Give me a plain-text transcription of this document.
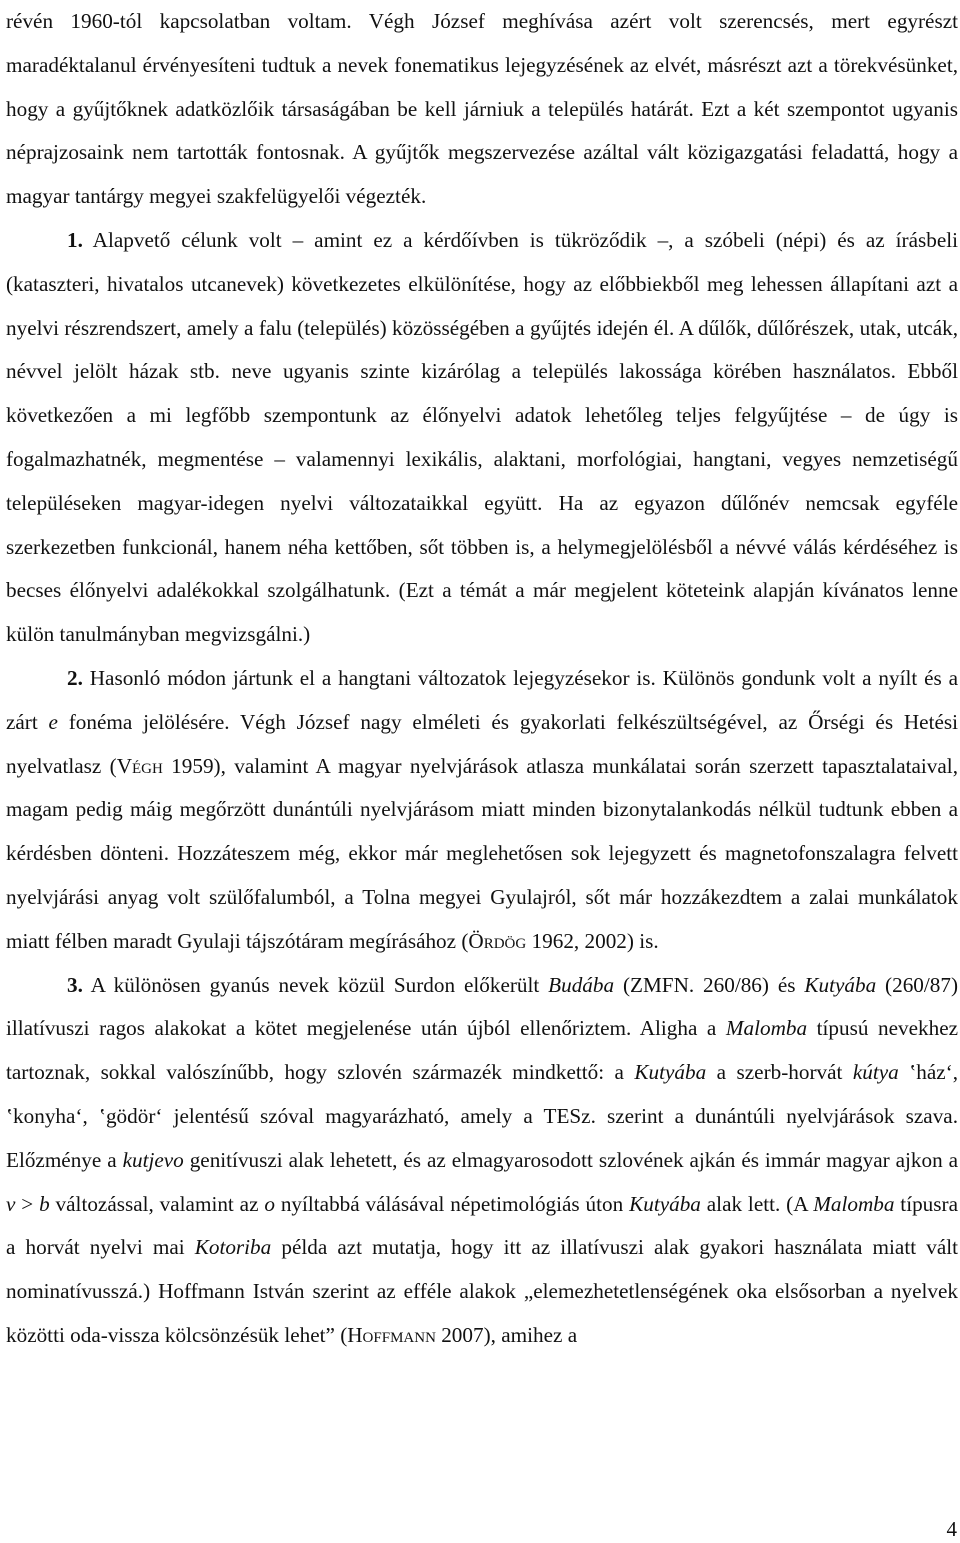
révén 1960-tól kapcsolatban voltam. Végh József meghívása azért volt szerencsés, mert egyrészt maradéktalanul érvényesíteni tudtuk a nevek fonematikus lejegyzésének az elvét, másrészt azt a törekvésünket, hogy a gyűjtőknek adatközlőik társaságában be kell járniuk a település határát. Ezt a két szempontot ugyanis néprajzosaink nem tartották fontosnak. A gyűjtők megszervezése azáltal vált közigazgatási feladattá, hogy a magyar tantárgy megyei szakfelügyelői végezték.

1. Alapvető célunk volt – amint ez a kérdőívben is tükröződik –, a szóbeli (népi) és az írásbeli (kataszteri, hivatalos utcanevek) következetes elkülönítése, hogy az előbbiekből meg lehessen állapítani azt a nyelvi részrendszert, amely a falu (település) közösségében a gyűjtés idején él. A dűlők, dűlőrészek, utak, utcák, névvel jelölt házak stb. neve ugyanis szinte kizárólag a település lakossága körében használatos. Ebből következően a mi legfőbb szempontunk az élőnyelvi adatok lehetőleg teljes felgyűjtése – de úgy is fogalmazhatnék, megmentése – valamennyi lexikális, alaktani, morfológiai, hangtani, vegyes nemzetiségű településeken magyar-idegen nyelvi változataikkal együtt. Ha az egyazon dűlőnév nemcsak egyféle szerkezetben funkcionál, hanem néha kettőben, sőt többen is, a helymegjelölésből a névvé válás kérdéséhez is becses élőnyelvi adalékokkal szolgálhatunk. (Ezt a témát a már megjelent köteteink alapján kívánatos lenne külön tanulmányban megvizsgálni.)

2. Hasonló módon jártunk el a hangtani változatok lejegyzésekor is. Különös gondunk volt a nyílt és a zárt e fonéma jelölésére. Végh József nagy elméleti és gyakorlati felkészültségével, az Őrségi és Hetési nyelvatlasz (Végh 1959), valamint A magyar nyelvjárások atlasza munkálatai során szerzett tapasztalataival, magam pedig máig megőrzött dunántúli nyelvjárásom miatt minden bizonytalankodás nélkül tudtunk ebben a kérdésben dönteni. Hozzáteszem még, ekkor már meglehetősen sok lejegyzett és magnetofonszalagra felvett nyelvjárási anyag volt szülőfalumból, a Tolna megyei Gyulajról, sőt már hozzákezdtem a zalai munkálatok miatt félben maradt Gyulaji tájszótáram megírásához (Ördög 1962, 2002) is.

3. A különösen gyanús nevek közül Surdon előkerült Budába (ZMFN. 260/86) és Kutyába (260/87) illatívuszi ragos alakokat a kötet megjelenése után újból ellenőriztem. Aligha a Malomba típusú nevekhez tartoznak, sokkal valószínűbb, hogy szlovén származék mindkettő: a Kutyába a szerb-horvát kútya ‛ház‘, ‛konyha‘, ‛gödör‘ jelentésű szóval magyarázható, amely a TESz. szerint a dunántúli nyelvjárások szava. Előzménye a kutjevo genitívuszi alak lehetett, és az elmagyarosodott szlovének ajkán és immár magyar ajkon a v > b változással, valamint az o nyíltabbá válásával népetimológiás úton Kutyába alak lett. (A Malomba típusra a horvát nyelvi mai Kotoriba példa azt mutatja, hogy itt az illatívuszi alak gyakori használata miatt vált nominatívusszá.) Hoffmann István szerint az efféle alakok „elemezhetetlenségének oka elsősorban a nyelvek közötti oda-vissza kölcsönzésük lehet” (Hoffmann 2007), amihez a

4
